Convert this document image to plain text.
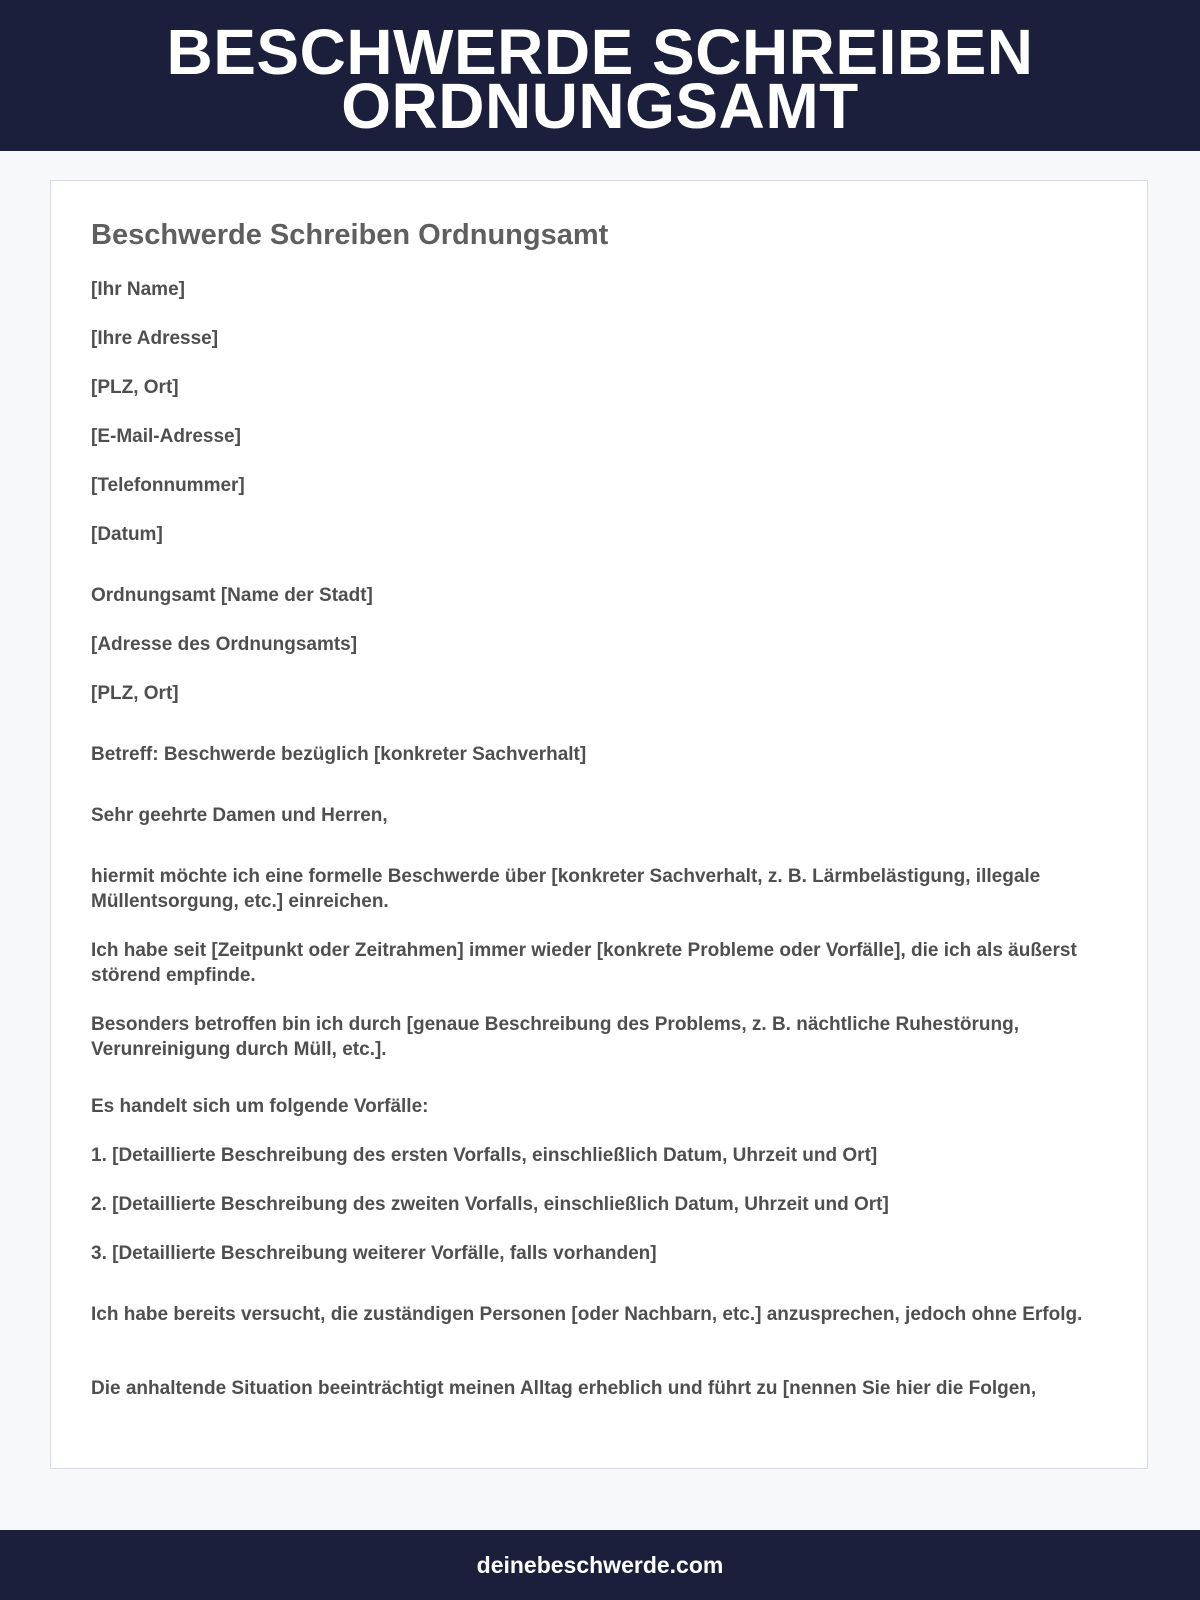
BESCHWERDE SCHREIBEN
ORDNUNGSAMT
Beschwerde Schreiben Ordnungsamt

[Ihr Name]

[Ihre Adresse]

[PLZ, Ort]

[E-Mail-Adresse]

[Telefonnummer]

[Datum]

Ordnungsamt [Name der Stadt]

[Adresse des Ordnungsamts]

[PLZ, Ort]

Betreff: Beschwerde bezüglich [konkreter Sachverhalt]

Sehr geehrte Damen und Herren,

hiermit möchte ich eine formelle Beschwerde über [konkreter Sachverhalt, z. B. Lärmbelästigung, illegale Müllentsorgung, etc.] einreichen.

Ich habe seit [Zeitpunkt oder Zeitrahmen] immer wieder [konkrete Probleme oder Vorfälle], die ich als äußerst störend empfinde.

Besonders betroffen bin ich durch [genaue Beschreibung des Problems, z. B. nächtliche Ruhestörung, Verunreinigung durch Müll, etc.].

Es handelt sich um folgende Vorfälle:

1. [Detaillierte Beschreibung des ersten Vorfalls, einschließlich Datum, Uhrzeit und Ort]

2. [Detaillierte Beschreibung des zweiten Vorfalls, einschließlich Datum, Uhrzeit und Ort]

3. [Detaillierte Beschreibung weiterer Vorfälle, falls vorhanden]

Ich habe bereits versucht, die zuständigen Personen [oder Nachbarn, etc.] anzusprechen, jedoch ohne Erfolg.

Die anhaltende Situation beeinträchtigt meinen Alltag erheblich und führt zu [nennen Sie hier die Folgen,

deinebeschwerde.com
